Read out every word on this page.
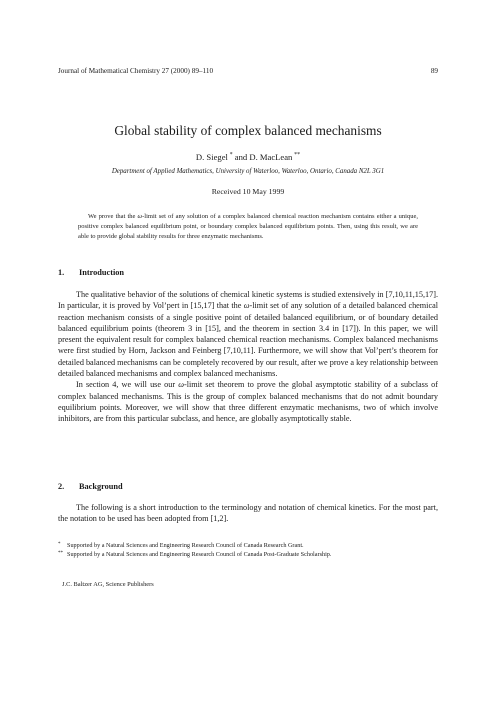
Journal of Mathematical Chemistry 27 (2000) 89–110	89
Global stability of complex balanced mechanisms
D. Siegel  * and D. MacLean  **
Department of Applied Mathematics, University of Waterloo, Waterloo, Ontario, Canada N2L 3G1
Received 10 May 1999

We prove that the ω-limit set of any solution of a complex balanced chemical reaction mechanism contains either a unique, positive complex balanced equilibrium point, or boundary complex balanced equilibrium points. Then, using this result, we are able to provide global stability results for three enzymatic mechanisms.

1. Introduction

The qualitative behavior of the solutions of chemical kinetic systems is studied extensively in [7,10,11,15,17]. In particular, it is proved by Vol’pert in [15,17] that the ω-limit set of any solution of a detailed balanced chemical reaction mechanism consists of a single positive point of detailed balanced equilibrium, or of boundary detailed balanced equilibrium points (theorem 3 in [15], and the theorem in section 3.4 in [17]). In this paper, we will present the equivalent result for complex balanced chemical reaction mechanisms. Complex balanced mechanisms were first studied by Horn, Jackson and Feinberg [7,10,11]. Furthermore, we will show that Vol’pert’s theorem for detailed balanced mechanisms can be completely recovered by our result, after we prove a key relationship between detailed balanced mechanisms and complex balanced mechanisms.

In section 4, we will use our ω-limit set theorem to prove the global asymptotic stability of a subclass of complex balanced mechanisms. This is the group of complex balanced mechanisms that do not admit boundary equilibrium points. Moreover, we will show that three different enzymatic mechanisms, two of which involve inhibitors, are from this particular subclass, and hence, are globally asymptotically stable.

2. Background

The following is a short introduction to the terminology and notation of chemical kinetics. For the most part, the notation to be used has been adopted from [1,2].

* Supported by a Natural Sciences and Engineering Research Council of Canada Research Grant.
** Supported by a Natural Sciences and Engineering Research Council of Canada Post-Graduate Scholarship.
J.C. Baltzer AG, Science Publishers
